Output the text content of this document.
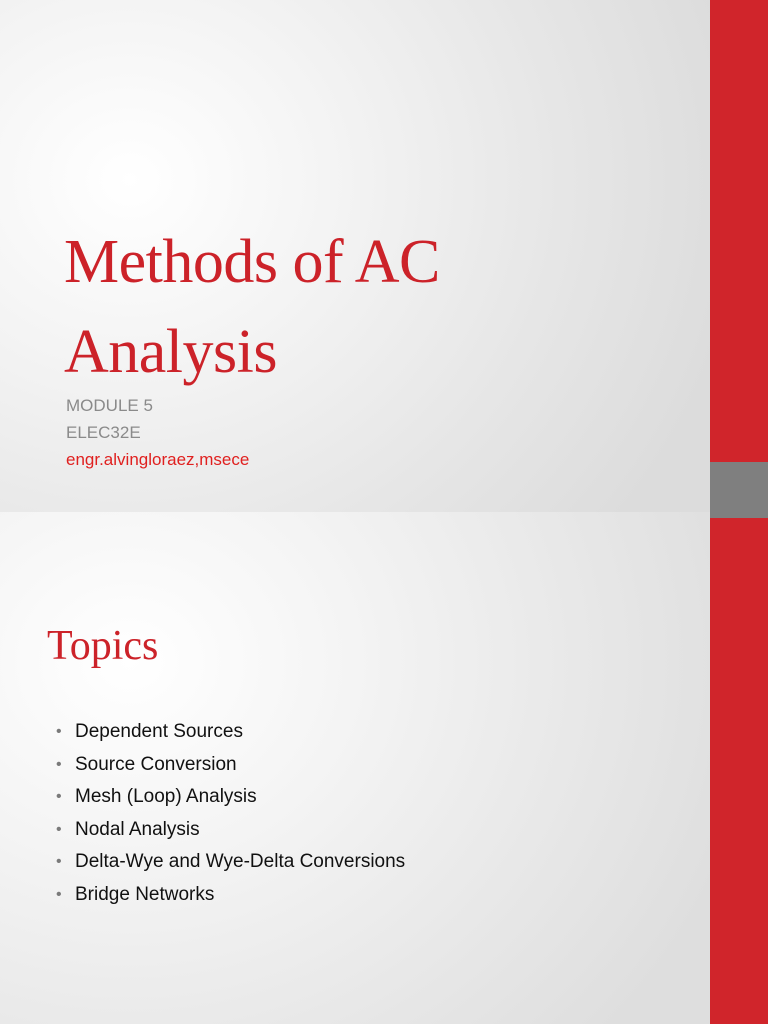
Methods of AC
Analysis

MODULE 5
ELEC32E
engr.alvingloraez,msece

Topics
• Dependent Sources
• Source Conversion
• Mesh (Loop) Analysis
• Nodal Analysis
• Delta-Wye and Wye-Delta Conversions
• Bridge Networks
